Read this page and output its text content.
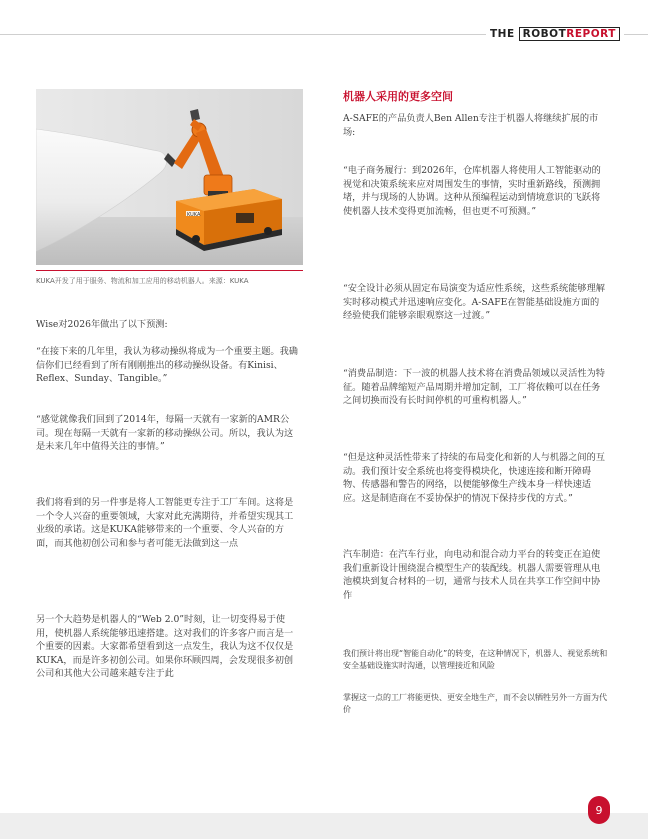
THE ROBOT REPORT
KUKA
KUKA开发了用于服务、物流和加工应用的移动机器人。来源：KUKA
Wise对2026年做出了以下预测:
“在接下来的几年里，我认为移动操纵将成为一个重要主题。我确信你们已经看到了所有刚刚推出的移动操纵设备。有Kinisi、Reflex、Sunday、Tangible。”
“感觉就像我们回到了2014年，每隔一天就有一家新的AMR公司。现在每隔一天就有一家新的移动操纵公司。所以，我认为这是未来几年中值得关注的事情。”
我们将看到的另一件事是将人工智能更专注于工厂车间。这将是一个令人兴奋的重要领域，大家对此充满期待，并希望实现其工业级的承诺。这是KUKA能够带来的一个重要、令人兴奋的方面，而其他初创公司和参与者可能无法做到这一点
另一个大趋势是机器人的“Web 2.0”时刻，让一切变得易于使用，使机器人系统能够迅速搭建。这对我们的许多客户而言是一个重要的因素。大家都希望看到这一点发生，我认为这不仅仅是KUKA，而是许多初创公司。如果你环顾四周，会发现很多初创公司和其他大公司越来越专注于此
机器人采用的更多空间
A-SAFE的产品负责人Ben Allen专注于机器人将继续扩展的市场:
“电子商务履行：到2026年，仓库机器人将使用人工智能驱动的视觉和决策系统来应对周围发生的事情，实时重新路线，预测拥堵，并与现场的人协调。这种从预编程运动到情境意识的飞跃将使机器人技术变得更加流畅，但也更不可预测。”
“安全设计必须从固定布局演变为适应性系统，这些系统能够理解实时移动模式并迅速响应变化。A-SAFE在智能基础设施方面的经验使我们能够亲眼观察这一过渡。”
“消费品制造：下一波的机器人技术将在消费品领域以灵活性为特征。随着品牌缩短产品周期并增加定制，工厂将依赖可以在任务之间切换而没有长时间停机的可重构机器人。”
“但是这种灵活性带来了持续的布局变化和新的人与机器之间的互动。我们预计安全系统也将变得模块化，快速连接和断开障碍物、传感器和警告的网络，以便能够像生产线本身一样快速适应。这是制造商在不妥协保护的情况下保持步伐的方式。”
汽车制造：在汽车行业，向电动和混合动力平台的转变正在迫使我们重新设计围绕混合模型生产的装配线。机器人需要管理从电池模块到复合材料的一切，通常与技术人员在共享工作空间中协作
我们预计将出现“智能自动化”的转变，在这种情况下，机器人、视觉系统和安全基础设施实时沟通，以管理接近和风险
掌握这一点的工厂将能更快、更安全地生产，而不会以牺牲另外一方面为代价
9
